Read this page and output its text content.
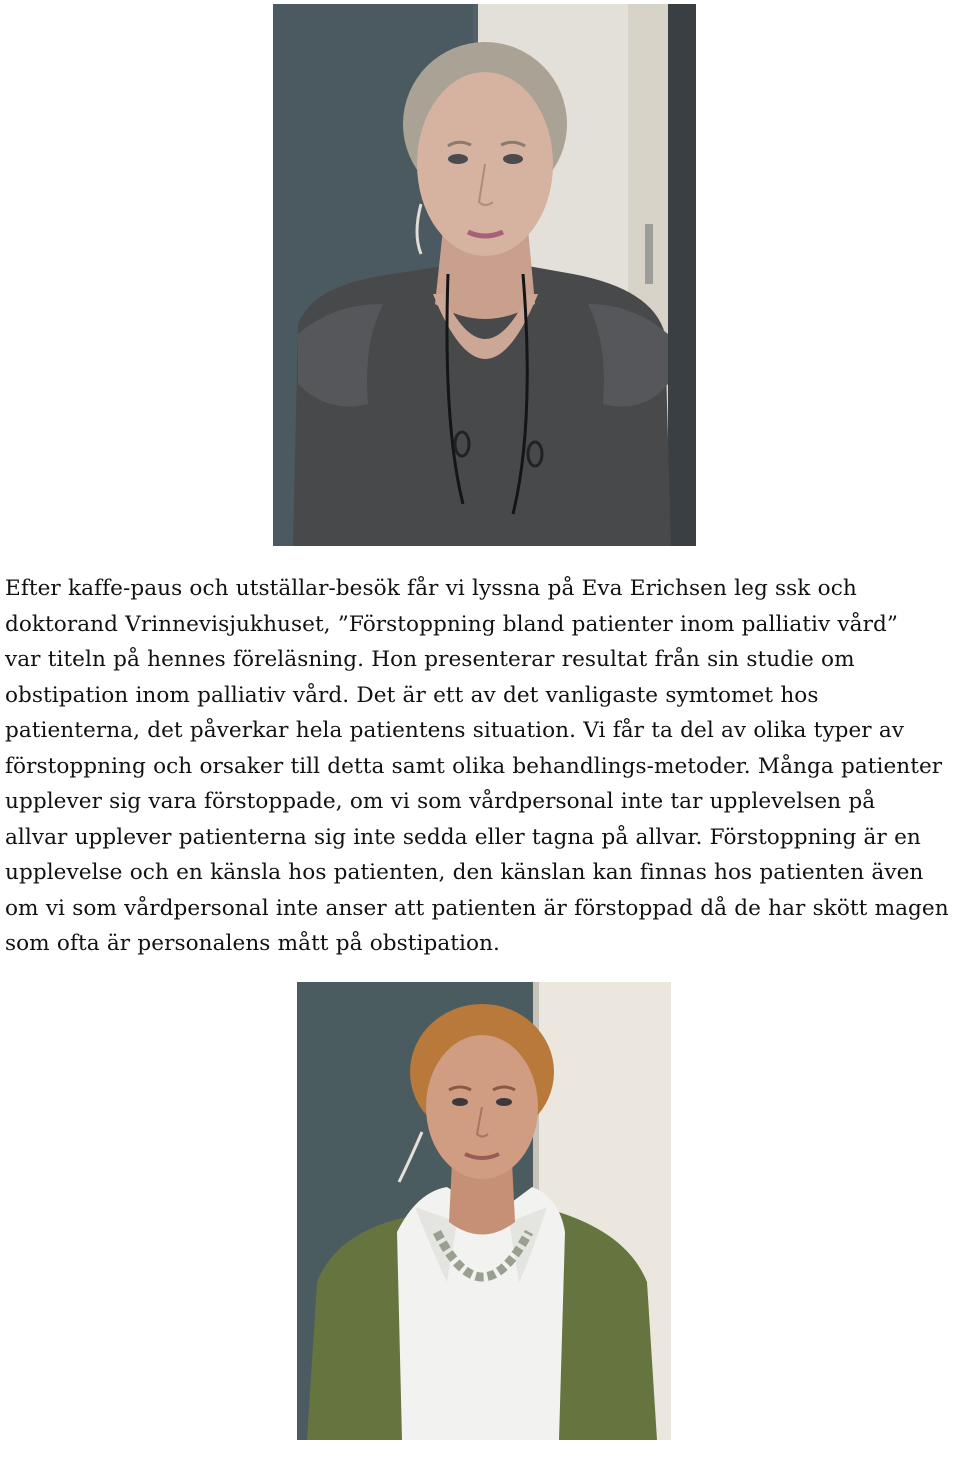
Efter kaffe-paus och utställar-besök får vi lyssna på Eva Erichsen leg ssk och
doktorand Vrinnevisjukhuset, ”Förstoppning bland patienter inom palliativ vård”
var titeln på hennes föreläsning. Hon presenterar resultat från sin studie om
obstipation inom palliativ vård. Det är ett av det vanligaste symtomet hos
patienterna, det påverkar hela patientens situation. Vi får ta del av olika typer av
förstoppning och orsaker till detta samt olika behandlings-metoder. Många patienter
upplever sig vara förstoppade, om vi som vårdpersonal inte tar upplevelsen på
allvar upplever patienterna sig inte sedda eller tagna på allvar. Förstoppning är en
upplevelse och en känsla hos patienten, den känslan kan finnas hos patienten även
om vi som vårdpersonal inte anser att patienten är förstoppad då de har skött magen
som ofta är personalens mått på obstipation.
